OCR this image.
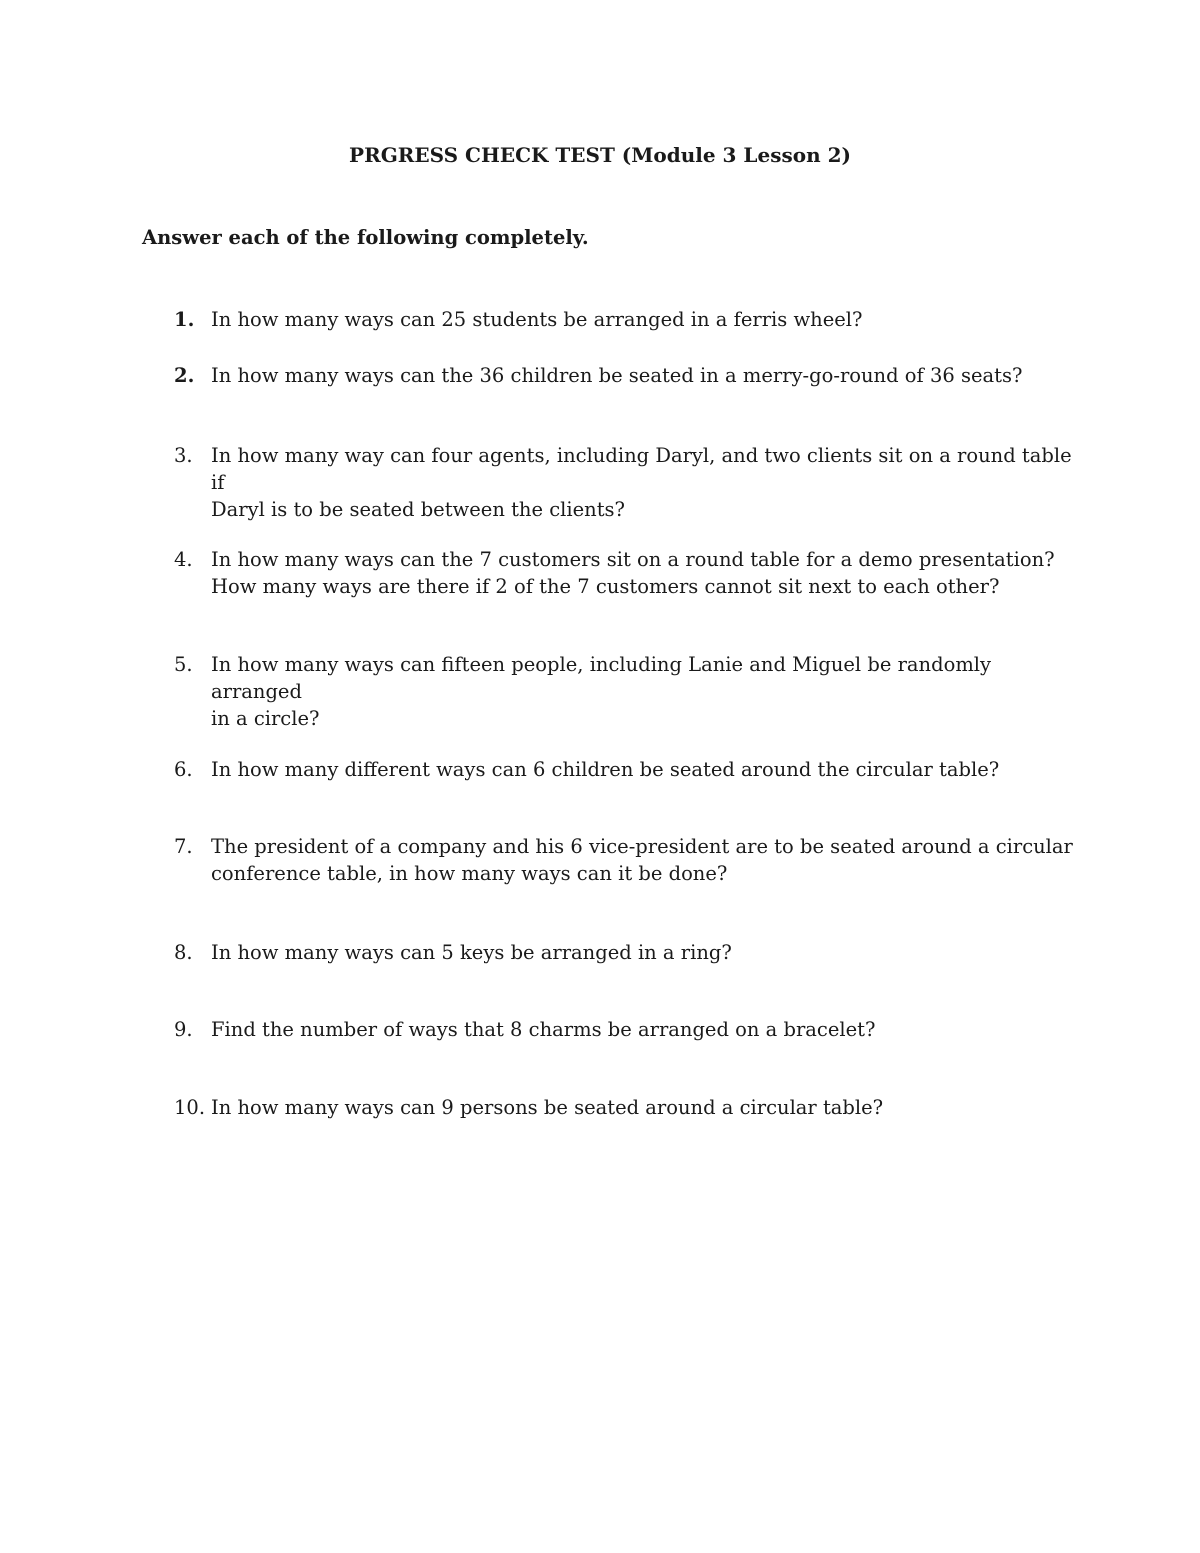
PRGRESS CHECK TEST (Module 3 Lesson 2)
Answer each of the following completely.
1. In how many ways can 25 students be arranged in a ferris wheel?
2. In how many ways can the 36 children be seated in a merry-go-round of 36 seats?
3. In how many way can four agents, including Daryl, and two clients sit on a round table if
Daryl is to be seated between the clients?
4. In how many ways can the 7 customers sit on a round table for a demo presentation?
How many ways are there if 2 of the 7 customers cannot sit next to each other?
5. In how many ways can fifteen people, including Lanie and Miguel be randomly arranged
in a circle?
6. In how many different ways can 6 children be seated around the circular table?
7. The president of a company and his 6 vice-president are to be seated around a circular
conference table, in how many ways can it be done?
8. In how many ways can 5 keys be arranged in a ring?
9. Find the number of ways that 8 charms be arranged on a bracelet?
10. In how many ways can 9 persons be seated around a circular table?
